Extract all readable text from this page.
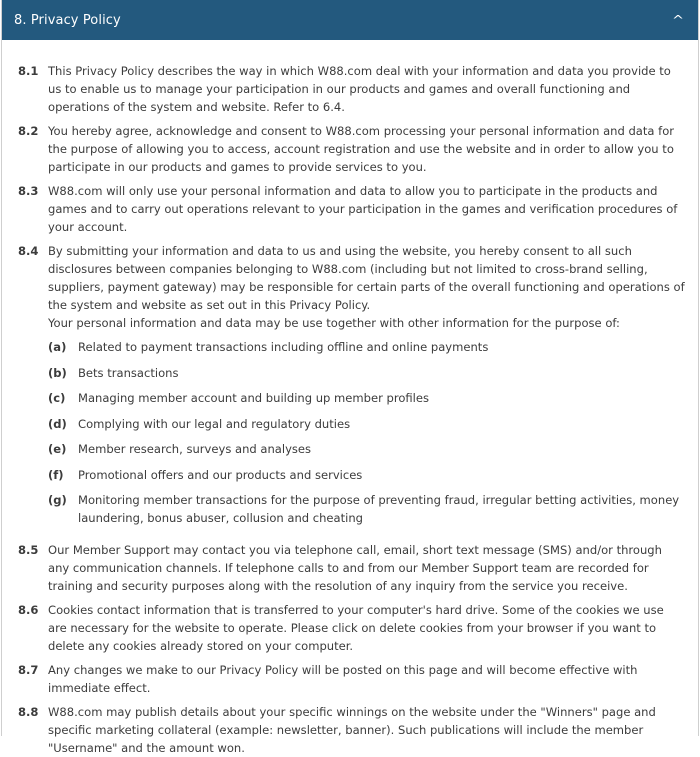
8. Privacy Policy	^
8.1 This Privacy Policy describes the way in which W88.com deal with your information and data you provide to us to enable us to manage your participation in our products and games and overall functioning and operations of the system and website. Refer to 6.4.
8.2 You hereby agree, acknowledge and consent to W88.com processing your personal information and data for the purpose of allowing you to access, account registration and use the website and in order to allow you to participate in our products and games to provide services to you.
8.3 W88.com will only use your personal information and data to allow you to participate in the products and games and to carry out operations relevant to your participation in the games and verification procedures of your account.
8.4 By submitting your information and data to us and using the website, you hereby consent to all such disclosures between companies belonging to W88.com (including but not limited to cross-brand selling, suppliers, payment gateway) may be responsible for certain parts of the overall functioning and operations of the system and website as set out in this Privacy Policy.
Your personal information and data may be use together with other information for the purpose of:
(a)	Related to payment transactions including offline and online payments
(b) Bets transactions
(c)	Managing member account and building up member profiles
(d) Complying with our legal and regulatory duties
(e)	Member research, surveys and analyses
(f)	Promotional offers and our products and services
(g) Monitoring member transactions for the purpose of preventing fraud, irregular betting activities, money laundering, bonus abuser, collusion and cheating
8.5 Our Member Support may contact you via telephone call, email, short text message (SMS) and/or through any communication channels. If telephone calls to and from our Member Support team are recorded for training and security purposes along with the resolution of any inquiry from the service you receive.
8.6 Cookies contact information that is transferred to your computer's hard drive. Some of the cookies we use are necessary for the website to operate. Please click on delete cookies from your browser if you want to delete any cookies already stored on your computer.
8.7 Any changes we make to our Privacy Policy will be posted on this page and will become effective with immediate effect.
8.8 W88.com may publish details about your specific winnings on the website under the "Winners" page and specific marketing collateral (example: newsletter, banner). Such publications will include the member "Username" and the amount won.
